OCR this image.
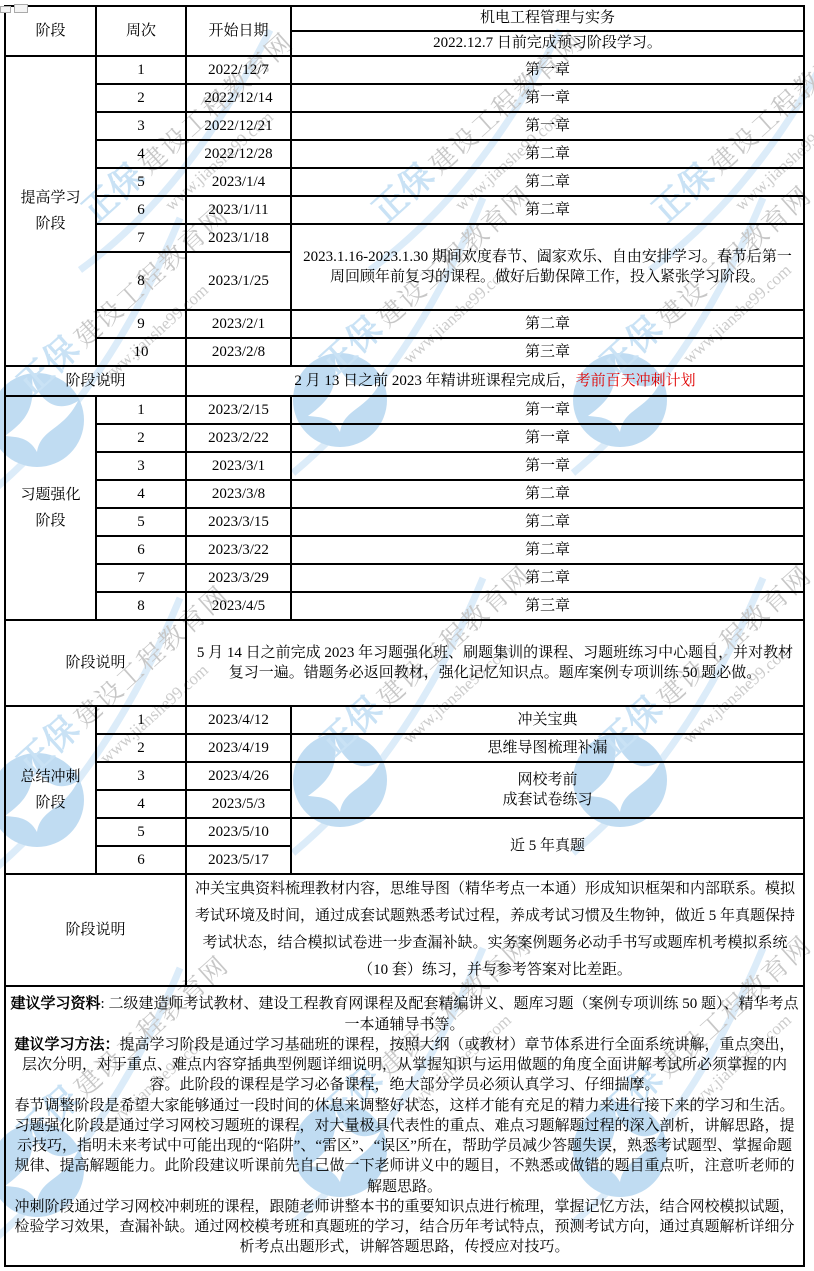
阶段	周次	开始日期	机电工程管理与实务
			2022.12.7 日前完成预习阶段学习。
提高学习阶段	1	2022/12/7	第一章
	2	2022/12/14	第一章
	3	2022/12/21	第一章
	4	2022/12/28	第二章
	5	2023/1/4	第二章
	6	2023/1/11	第二章
	7	2023/1/18	2023.1.16-2023.1.30 期间欢度春节、阖家欢乐、自由安排学习。春节后第一周回顾年前复习的课程。做好后勤保障工作，投入紧张学习阶段。
	8	2023/1/25	
	9	2023/2/1	第二章
	10	2023/2/8	第三章
阶段说明		2 月 13 日之前 2023 年精讲班课程完成后，考前百天冲刺计划	
习题强化阶段	1	2023/2/15	第一章
	2	2023/2/22	第一章
	3	2023/3/1	第一章
	4	2023/3/8	第二章
	5	2023/3/15	第二章
	6	2023/3/22	第二章
	7	2023/3/29	第二章
	8	2023/4/5	第三章
阶段说明		5 月 14 日之前完成 2023 年习题强化班、刷题集训的课程、习题班练习中心题目，并对教材复习一遍。错题务必返回教材，强化记忆知识点。题库案例专项训练 50 题必做。	
总结冲刺阶段	1	2023/4/12	冲关宝典
	2	2023/4/19	思维导图梳理补漏
	3	2023/4/26	网校考前
成套试卷练习

	4	2023/5/3	
	5	2023/5/10	近 5 年真题
	6	2023/5/17	
阶段说明		冲关宝典资料梳理教材内容，思维导图（精华考点一本通）形成知识框架和内部联系。模拟考试环境及时间，通过成套试题熟悉考试过程，养成考试习惯及生物钟，做近 5 年真题保持考试状态，结合模拟试卷进一步查漏补缺。实务案例题务必动手书写或题库机考模拟系统（10 套）练习，并与参考答案对比差距。	

建议学习资料: 二级建造师考试教材、建设工程教育网课程及配套精编讲义、题库习题（案例专项训练 50 题）、精华考点一本通辅导书等。

建议学习方法：提高学习阶段是通过学习基础班的课程，按照大纲（或教材）章节体系进行全面系统讲解，重点突出，层次分明，对于重点、难点内容穿插典型例题详细说明，从掌握知识与运用做题的角度全面讲解考试所必须掌握的内容。此阶段的课程是学习必备课程，绝大部分学员必须认真学习、仔细揣摩。

春节调整阶段是希望大家能够通过一段时间的休息来调整好状态，这样才能有充足的精力来进行接下来的学习和生活。

习题强化阶段是通过学习网校习题班的课程，对大量极具代表性的重点、难点习题解题过程的深入剖析，讲解思路，提示技巧，指明未来考试中可能出现的“陷阱”、“雷区”、“误区”所在，帮助学员减少答题失误，熟悉考试题型、掌握命题规律、提高解题能力。此阶段建议听课前先自己做一下老师讲义中的题目，不熟悉或做错的题目重点听，注意听老师的解题思路。

冲刺阶段通过学习网校冲刺班的课程，跟随老师讲整本书的重要知识点进行梳理，掌握记忆方法，结合网校模拟试题，检验学习效果，查漏补缺。通过网校模考班和真题班的学习，结合历年考试特点，预测考试方向，通过真题解析详细分析考点出题形式，讲解答题思路，传授应对技巧。			
